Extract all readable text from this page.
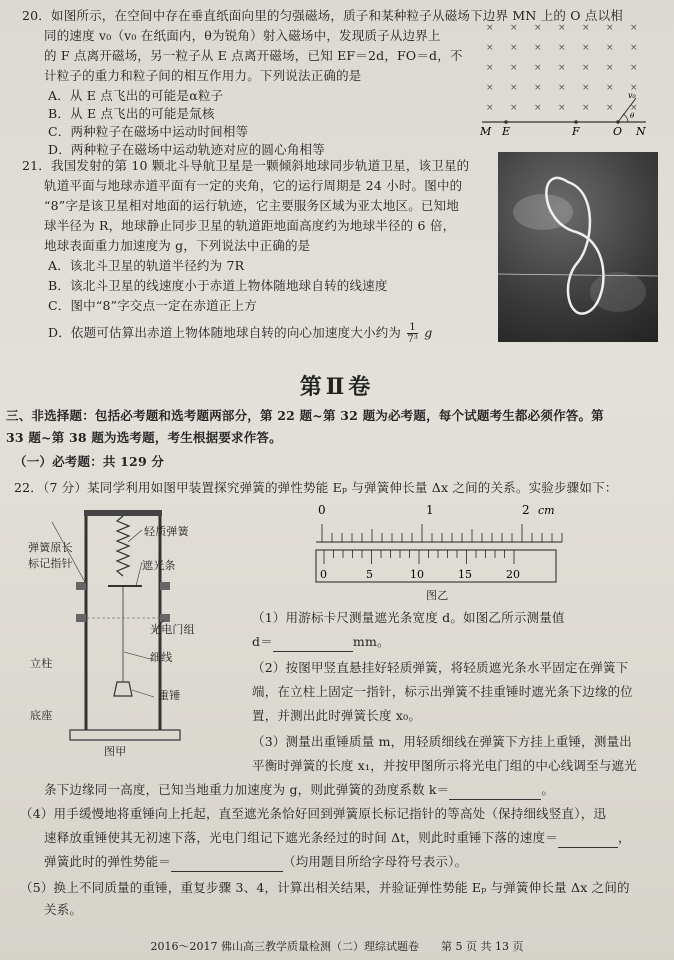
20．如图所示，在空间中存在垂直纸面向里的匀强磁场，质子和某种粒子从磁场下边界 MN 上的 O 点以相
同的速度 v₀（v₀ 在纸面内，θ为锐角）射入磁场中，发现质子从边界上
的 F 点离开磁场，另一粒子从 E 点离开磁场，已知 EF＝2d，FO＝d，不
计粒子的重力和粒子间的相互作用力。下列说法正确的是
A．从 E 点飞出的可能是α粒子
B．从 E 点飞出的可能是氚核
C．两种粒子在磁场中运动时间相等
D．两种粒子在磁场中运动轨迹对应的圆心角相等
× × × × × × ×
× × × × × × ×
× × × × × × ×
× × × × × × ×
× × × × × × ×
M E	F	O N
v₀
θ
21．我国发射的第 10 颗北斗导航卫星是一颗倾斜地球同步轨道卫星，该卫星的
轨道平面与地球赤道平面有一定的夹角，它的运行周期是 24 小时。图中的
“8”字是该卫星相对地面的运行轨迹，它主要服务区域为亚太地区。已知地
球半径为 R，地球静止同步卫星的轨道距地面高度约为地球半径的 6 倍，
地球表面重力加速度为 g，下列说法中正确的是
A．该北斗卫星的轨道半径约为 7R
B．该北斗卫星的线速度小于赤道上物体随地球自转的线速度
C．图中“8”字交点一定在赤道正上方
D．依题可估算出赤道上物体随地球自转的向心加速度大小约为 $\frac{1}{\text{7³}}$ g
第Ⅱ卷
三、非选择题：包括必考题和选考题两部分，第 22 题~第 32 题为必考题，每个试题考生都必须作答。第
33 题~第 38 题为选考题，考生根据要求作答。
（一）必考题：共 129 分
22．（7 分）某同学利用如图甲装置探究弹簧的弹性势能 Eₚ 与弹簧伸长量 Δx 之间的关系。实验步骤如下：
轻质弹簧
弹簧原长
标记指针	遮光条
光电门组
细线
立柱
重锤
底座
图甲
0	1	2 cm
0	5	10	15	20
图乙
（1）用游标卡尺测量遮光条宽度 d。如图乙所示测量值
d＝	mm。
（2）按图甲竖直悬挂好轻质弹簧，将轻质遮光条水平固定在弹簧下
端，在立柱上固定一指针，标示出弹簧不挂重锤时遮光条下边缘的位
置，并测出此时弹簧长度 x₀。
（3）测量出重锤质量 m，用轻质细线在弹簧下方挂上重锤，测量出
平衡时弹簧的长度 x₁，并按甲图所示将光电门组的中心线调至与遮光
条下边缘同一高度，已知当地重力加速度为 g，则此弹簧的劲度系数 k＝	。
（4）用手缓慢地将重锤向上托起，直至遮光条恰好回到弹簧原长标记指针的等高处（保持细线竖直），迅
速释放重锤使其无初速下落，光电门组记下遮光条经过的时间 Δt，则此时重锤下落的速度＝	，
弹簧此时的弹性势能＝	（均用题目所给字母符号表示）。
（5）换上不同质量的重锤，重复步骤 3、4，计算出相关结果，并验证弹性势能 Eₚ 与弹簧伸长量 Δx 之间的
关系。
2016～2017 佛山高三教学质量检测（二）理综试题卷　　第 5 页 共 13 页
